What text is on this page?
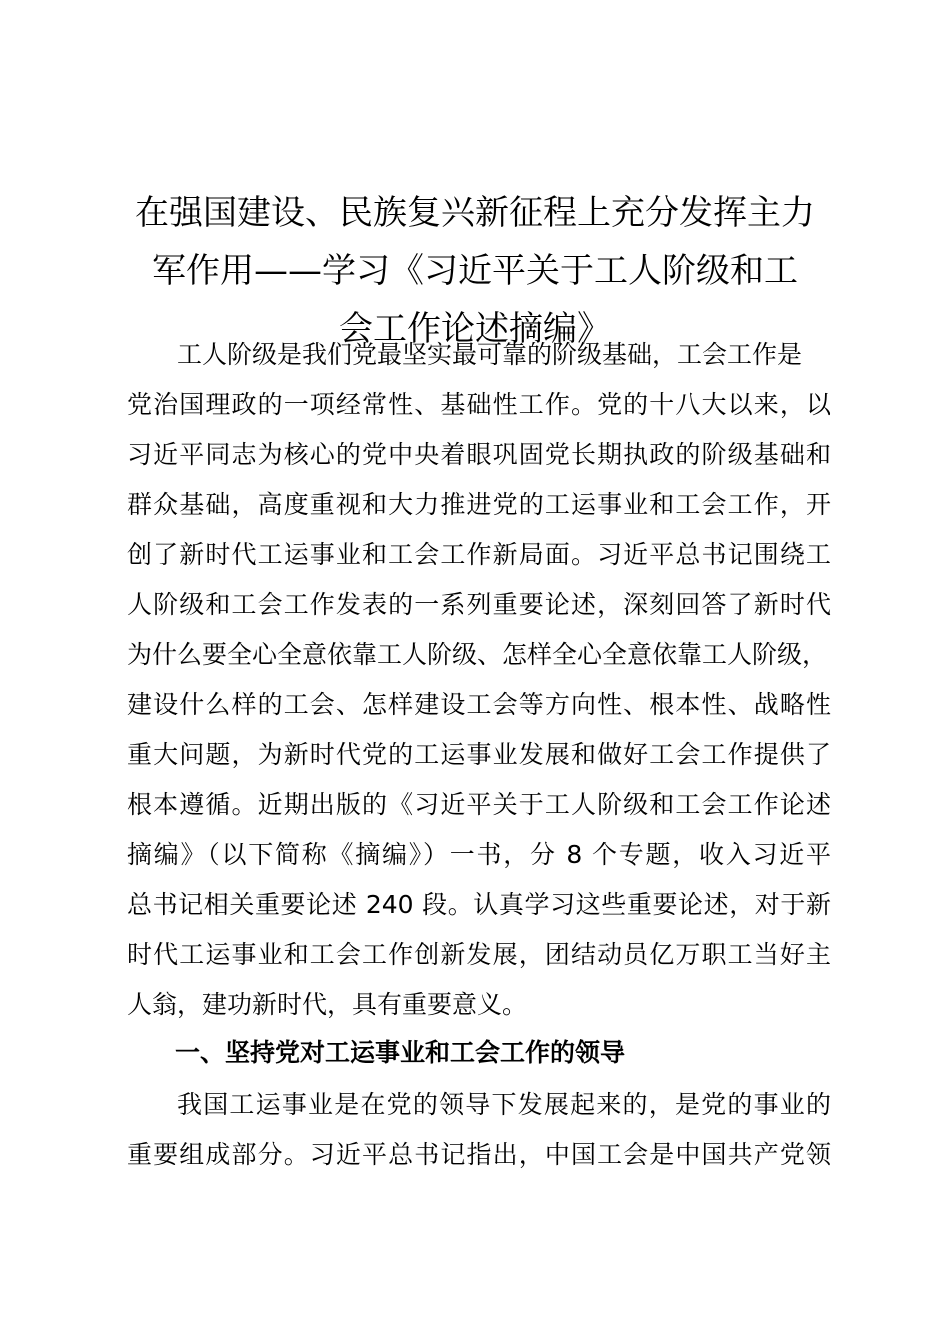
在强国建设、民族复兴新征程上充分发挥主力
军作用——学习《习近平关于工人阶级和工
会工作论述摘编》
工人阶级是我们党最坚实最可靠的阶级基础，工会工作是
党治国理政的一项经常性、基础性工作。党的十八大以来，以
习近平同志为核心的党中央着眼巩固党长期执政的阶级基础和
群众基础，高度重视和大力推进党的工运事业和工会工作，开
创了新时代工运事业和工会工作新局面。习近平总书记围绕工
人阶级和工会工作发表的一系列重要论述，深刻回答了新时代
为什么要全心全意依靠工人阶级、怎样全心全意依靠工人阶级，
建设什么样的工会、怎样建设工会等方向性、根本性、战略性
重大问题，为新时代党的工运事业发展和做好工会工作提供了
根本遵循。近期出版的《习近平关于工人阶级和工会工作论述
摘编》（以下简称《摘编》）一书，分 8 个专题，收入习近平
总书记相关重要论述 240 段。认真学习这些重要论述，对于新
时代工运事业和工会工作创新发展，团结动员亿万职工当好主
人翁，建功新时代，具有重要意义。
一、坚持党对工运事业和工会工作的领导
我国工运事业是在党的领导下发展起来的，是党的事业的
重要组成部分。习近平总书记指出，中国工会是中国共产党领
